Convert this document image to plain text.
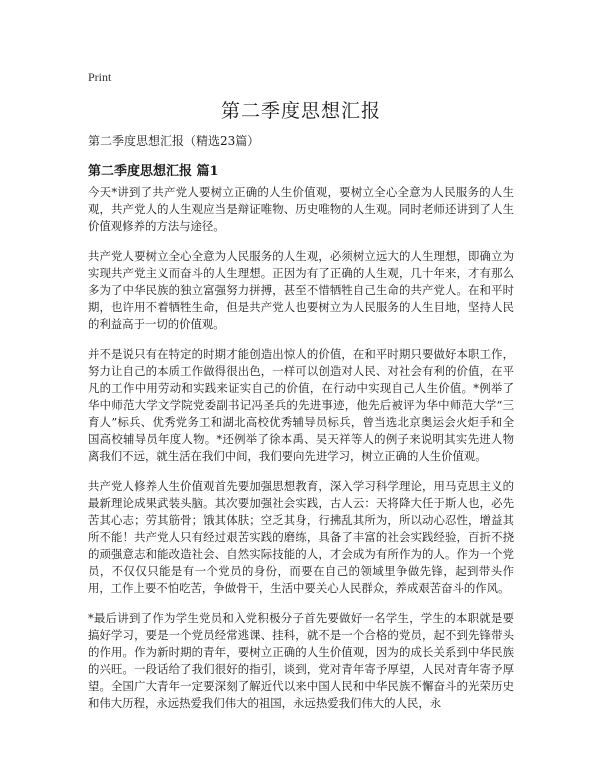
Print
第二季度思想汇报

第二季度思想汇报（精选23篇）

第二季度思想汇报 篇1

今天*讲到了共产党人要树立正确的人生价值观，要树立全心全意为人民服务的人生观，共产党人的人生观应当是辩证唯物、历史唯物的人生观。同时老师还讲到了人生价值观修养的方法与途径。

共产党人要树立全心全意为人民服务的人生观，必须树立远大的人生理想，即确立为实现共产党主义而奋斗的人生理想。正因为有了正确的人生观，几十年来，才有那么多为了中华民族的独立富强努力拼搏，甚至不惜牺牲自己生命的共产党人。在和平时期，也许用不着牺牲生命，但是共产党人也要树立为人民服务的人生目地，坚持人民的利益高于一切的价值观。

并不是说只有在特定的时期才能创造出惊人的价值，在和平时期只要做好本职工作，努力让自己的本质工作做得很出色，一样可以创造对人民、对社会有利的价值，在平凡的工作中用劳动和实践来证实自己的价值，在行动中实现自己人生价值。*例举了华中师范大学文学院党委副书记冯圣兵的先进事迹，他先后被评为华中师范大学“三育人”标兵、优秀党务工和湖北高校优秀辅导员标兵，曾当选北京奥运会火炬手和全国高校辅导员年度人物。*还例举了徐本禹、吴天祥等人的例子来说明其实先进人物离我们不远，就生活在我们中间，我们要向先进学习，树立正确的人生价值观。

共产党人修养人生价值观首先要加强思想教育，深入学习科学理论，用马克思主义的最新理论成果武装头脑。其次要加强社会实践，古人云：天将降大任于斯人也，必先苦其心志；劳其筋骨；饿其体肤；空乏其身，行拂乱其所为，所以动心忍性，增益其所不能！共产党人只有经过艰苦实践的磨练，具备了丰富的社会实践经验，百折不挠的顽强意志和能改造社会、自然实际技能的人，才会成为有所作为的人。作为一个党员，不仅仅只能是有一个党员的身份，而要在自己的领域里争做先锋，起到带头作用，工作上要不怕吃苦，争做骨干，生活中要关心人民群众，养成艰苦奋斗的作风。

*最后讲到了作为学生党员和入党积极分子首先要做好一名学生，学生的本职就是要搞好学习，要是一个党员经常逃课、挂科，就不是一个合格的党员，起不到先锋带头的作用。作为新时期的青年，要树立正确的人生价值观，因为的成长关系到中华民族的兴旺。一段话给了我们很好的指引，谈到，党对青年寄予厚望，人民对青年寄予厚望。全国广大青年一定要深刻了解近代以来中国人民和中华民族不懈奋斗的光荣历史和伟大历程，永远热爱我们伟大的祖国，永远热爱我们伟大的人民，永
